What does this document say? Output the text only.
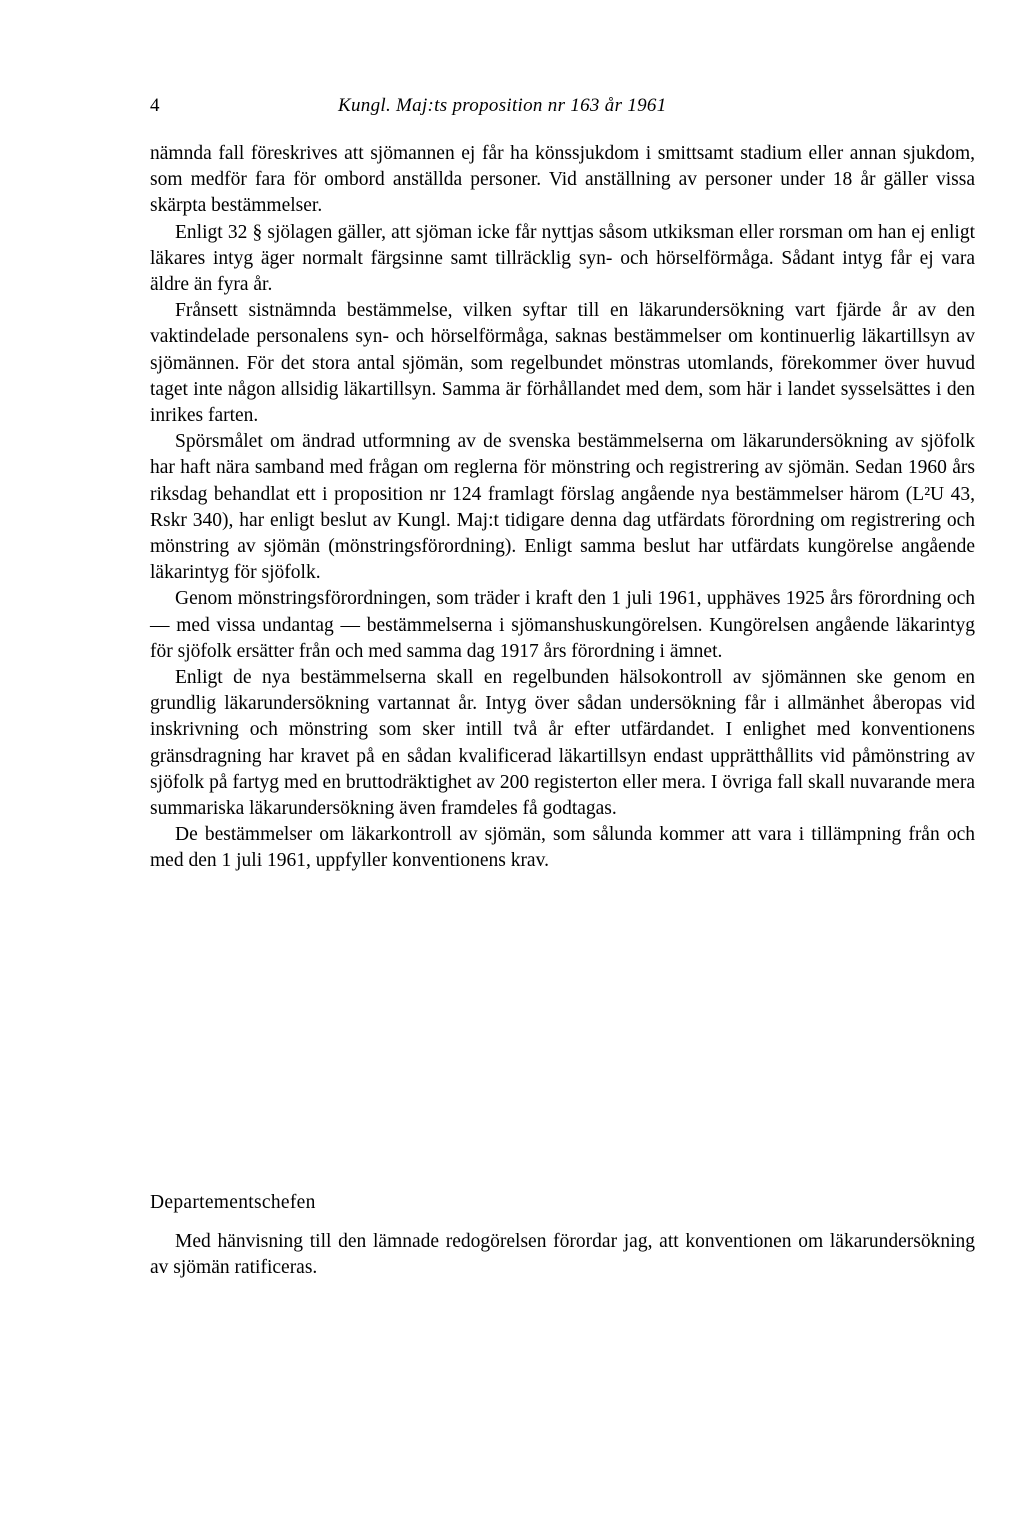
4	Kungl. Maj:ts proposition nr 163 år 1961

nämnda fall föreskrives att sjömannen ej får ha könssjukdom i smittsamt stadium eller annan sjukdom, som medför fara för ombord anställda personer. Vid anställning av personer under 18 år gäller vissa skärpta bestämmelser.

Enligt 32 § sjölagen gäller, att sjöman icke får nyttjas såsom utkiksman eller rorsman om han ej enligt läkares intyg äger normalt färgsinne samt tillräcklig syn- och hörselförmåga. Sådant intyg får ej vara äldre än fyra år.

Frånsett sistnämnda bestämmelse, vilken syftar till en läkarundersökning vart fjärde år av den vaktindelade personalens syn- och hörselförmåga, saknas bestämmelser om kontinuerlig läkartillsyn av sjömännen. För det stora antal sjömän, som regelbundet mönstras utomlands, förekommer över huvud taget inte någon allsidig läkartillsyn. Samma är förhållandet med dem, som här i landet sysselsättes i den inrikes farten.

Spörsmålet om ändrad utformning av de svenska bestämmelserna om läkarundersökning av sjöfolk har haft nära samband med frågan om reglerna för mönstring och registrering av sjömän. Sedan 1960 års riksdag behandlat ett i proposition nr 124 framlagt förslag angående nya bestämmelser härom (L²U 43, Rskr 340), har enligt beslut av Kungl. Maj:t tidigare denna dag utfärdats förordning om registrering och mönstring av sjömän (mönstringsförordning). Enligt samma beslut har utfärdats kungörelse angående läkarintyg för sjöfolk.

Genom mönstringsförordningen, som träder i kraft den 1 juli 1961, upphäves 1925 års förordning och — med vissa undantag — bestämmelserna i sjömanshuskungörelsen. Kungörelsen angående läkarintyg för sjöfolk ersätter från och med samma dag 1917 års förordning i ämnet.

Enligt de nya bestämmelserna skall en regelbunden hälsokontroll av sjömännen ske genom en grundlig läkarundersökning vartannat år. Intyg över sådan undersökning får i allmänhet åberopas vid inskrivning och mönstring som sker intill två år efter utfärdandet. I enlighet med konventionens gränsdragning har kravet på en sådan kvalificerad läkartillsyn endast upprätthållits vid påmönstring av sjöfolk på fartyg med en bruttodräktighet av 200 registerton eller mera. I övriga fall skall nuvarande mera summariska läkarundersökning även framdeles få godtagas.

De bestämmelser om läkarkontroll av sjömän, som sålunda kommer att vara i tillämpning från och med den 1 juli 1961, uppfyller konventionens krav.

Departementschefen

Med hänvisning till den lämnade redogörelsen förordar jag, att konventionen om läkarundersökning av sjömän ratificeras.
